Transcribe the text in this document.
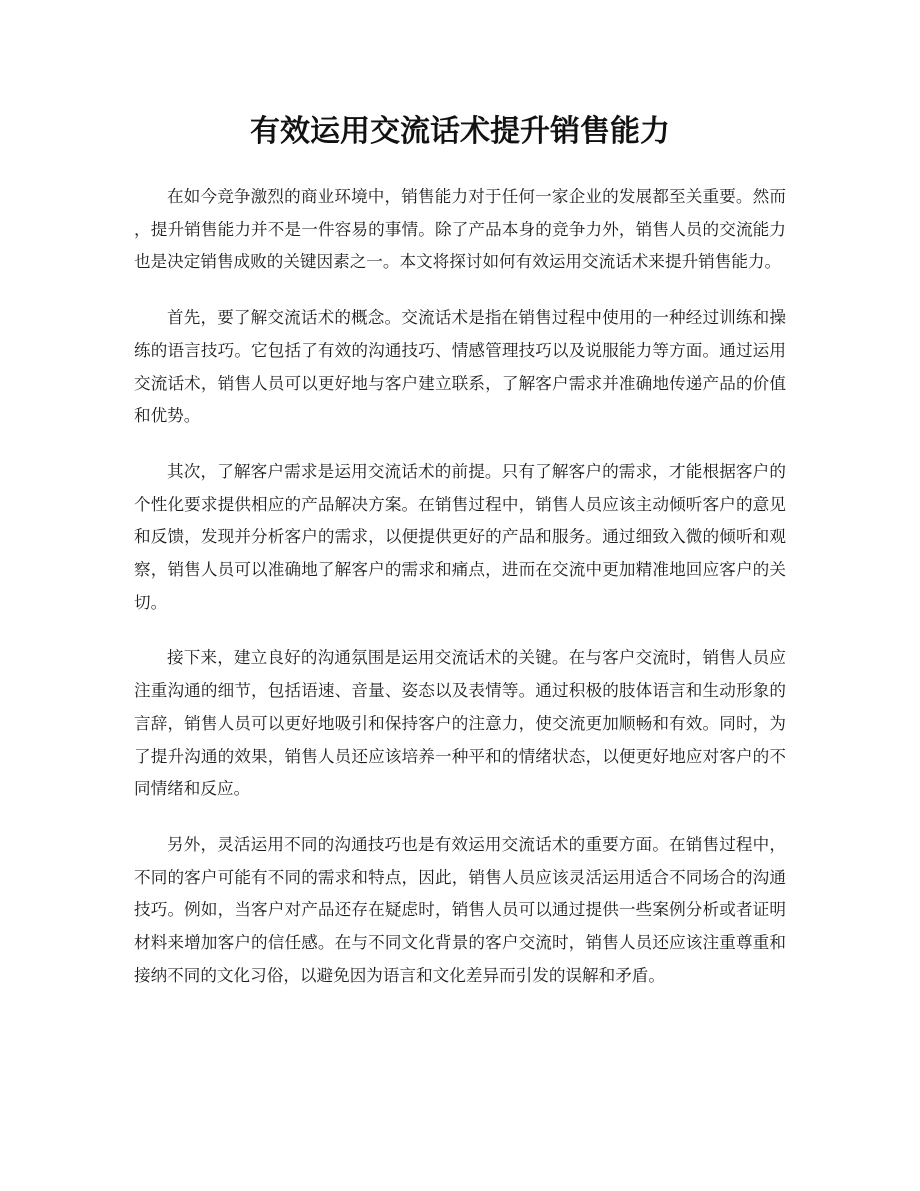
有效运用交流话术提升销售能力

在如今竞争激烈的商业环境中，销售能力对于任何一家企业的发展都至关重要。然而，提升销售能力并不是一件容易的事情。除了产品本身的竞争力外，销售人员的交流能力也是决定销售成败的关键因素之一。本文将探讨如何有效运用交流话术来提升销售能力。

首先，要了解交流话术的概念。交流话术是指在销售过程中使用的一种经过训练和操练的语言技巧。它包括了有效的沟通技巧、情感管理技巧以及说服能力等方面。通过运用交流话术，销售人员可以更好地与客户建立联系，了解客户需求并准确地传递产品的价值和优势。

其次，了解客户需求是运用交流话术的前提。只有了解客户的需求，才能根据客户的个性化要求提供相应的产品解决方案。在销售过程中，销售人员应该主动倾听客户的意见和反馈，发现并分析客户的需求，以便提供更好的产品和服务。通过细致入微的倾听和观察，销售人员可以准确地了解客户的需求和痛点，进而在交流中更加精准地回应客户的关切。

接下来，建立良好的沟通氛围是运用交流话术的关键。在与客户交流时，销售人员应注重沟通的细节，包括语速、音量、姿态以及表情等。通过积极的肢体语言和生动形象的言辞，销售人员可以更好地吸引和保持客户的注意力，使交流更加顺畅和有效。同时，为了提升沟通的效果，销售人员还应该培养一种平和的情绪状态，以便更好地应对客户的不同情绪和反应。

另外，灵活运用不同的沟通技巧也是有效运用交流话术的重要方面。在销售过程中，不同的客户可能有不同的需求和特点，因此，销售人员应该灵活运用适合不同场合的沟通技巧。例如，当客户对产品还存在疑虑时，销售人员可以通过提供一些案例分析或者证明材料来增加客户的信任感。在与不同文化背景的客户交流时，销售人员还应该注重尊重和接纳不同的文化习俗，以避免因为语言和文化差异而引发的误解和矛盾。
